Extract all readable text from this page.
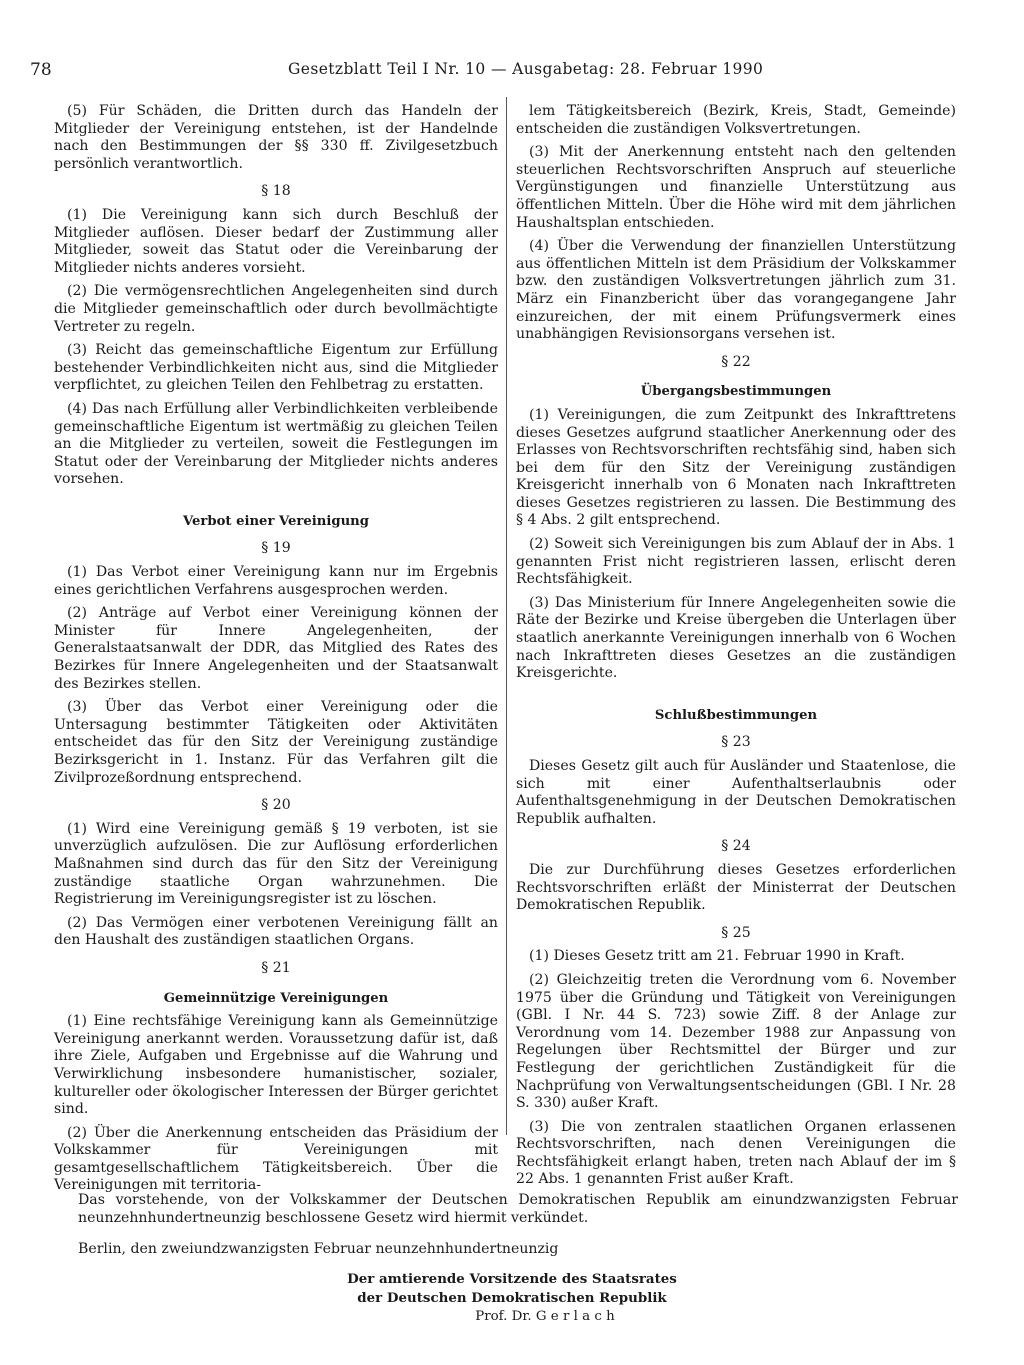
78	Gesetzblatt Teil I Nr. 10 — Ausgabetag: 28. Februar 1990

(5) Für Schäden, die Dritten durch das Handeln der Mitglieder der Vereinigung entstehen, ist der Handelnde nach den Bestimmungen der §§ 330 ff. Zivilgesetzbuch persönlich verantwortlich.

§ 18

(1) Die Vereinigung kann sich durch Beschluß der Mitglieder auflösen. Dieser bedarf der Zustimmung aller Mitglieder, soweit das Statut oder die Vereinbarung der Mitglieder nichts anderes vorsieht.

(2) Die vermögensrechtlichen Angelegenheiten sind durch die Mitglieder gemeinschaftlich oder durch bevollmächtigte Vertreter zu regeln.

(3) Reicht das gemeinschaftliche Eigentum zur Erfüllung bestehender Verbindlichkeiten nicht aus, sind die Mitglieder verpflichtet, zu gleichen Teilen den Fehlbetrag zu erstatten.

(4) Das nach Erfüllung aller Verbindlichkeiten verbleibende gemeinschaftliche Eigentum ist wertmäßig zu gleichen Teilen an die Mitglieder zu verteilen, soweit die Festlegungen im Statut oder der Vereinbarung der Mitglieder nichts anderes vorsehen.

Verbot einer Vereinigung

§ 19

(1) Das Verbot einer Vereinigung kann nur im Ergebnis eines gerichtlichen Verfahrens ausgesprochen werden.

(2) Anträge auf Verbot einer Vereinigung können der Minister für Innere Angelegenheiten, der Generalstaatsanwalt der DDR, das Mitglied des Rates des Bezirkes für Innere Angelegenheiten und der Staatsanwalt des Bezirkes stellen.

(3) Über das Verbot einer Vereinigung oder die Untersagung bestimmter Tätigkeiten oder Aktivitäten entscheidet das für den Sitz der Vereinigung zuständige Bezirksgericht in 1. Instanz. Für das Verfahren gilt die Zivilprozeßordnung entsprechend.

§ 20

(1) Wird eine Vereinigung gemäß § 19 verboten, ist sie unverzüglich aufzulösen. Die zur Auflösung erforderlichen Maßnahmen sind durch das für den Sitz der Vereinigung zuständige staatliche Organ wahrzunehmen. Die Registrierung im Vereinigungsregister ist zu löschen.

(2) Das Vermögen einer verbotenen Vereinigung fällt an den Haushalt des zuständigen staatlichen Organs.

§ 21

Gemeinnützige Vereinigungen

(1) Eine rechtsfähige Vereinigung kann als Gemeinnützige Vereinigung anerkannt werden. Voraussetzung dafür ist, daß ihre Ziele, Aufgaben und Ergebnisse auf die Wahrung und Verwirklichung insbesondere humanistischer, sozialer, kultureller oder ökologischer Interessen der Bürger gerichtet sind.

(2) Über die Anerkennung entscheiden das Präsidium der Volkskammer für Vereinigungen mit gesamtgesellschaftlichem Tätigkeitsbereich. Über die Vereinigungen mit territoria-

lem Tätigkeitsbereich (Bezirk, Kreis, Stadt, Gemeinde) entscheiden die zuständigen Volksvertretungen.

(3) Mit der Anerkennung entsteht nach den geltenden steuerlichen Rechtsvorschriften Anspruch auf steuerliche Vergünstigungen und finanzielle Unterstützung aus öffentlichen Mitteln. Über die Höhe wird mit dem jährlichen Haushaltsplan entschieden.

(4) Über die Verwendung der finanziellen Unterstützung aus öffentlichen Mitteln ist dem Präsidium der Volkskammer bzw. den zuständigen Volksvertretungen jährlich zum 31. März ein Finanzbericht über das vorangegangene Jahr einzureichen, der mit einem Prüfungsvermerk eines unabhängigen Revisionsorgans versehen ist.

§ 22

Übergangsbestimmungen

(1) Vereinigungen, die zum Zeitpunkt des Inkrafttretens dieses Gesetzes aufgrund staatlicher Anerkennung oder des Erlasses von Rechtsvorschriften rechtsfähig sind, haben sich bei dem für den Sitz der Vereinigung zuständigen Kreisgericht innerhalb von 6 Monaten nach Inkrafttreten dieses Gesetzes registrieren zu lassen. Die Bestimmung des § 4 Abs. 2 gilt entsprechend.

(2) Soweit sich Vereinigungen bis zum Ablauf der in Abs. 1 genannten Frist nicht registrieren lassen, erlischt deren Rechtsfähigkeit.

(3) Das Ministerium für Innere Angelegenheiten sowie die Räte der Bezirke und Kreise übergeben die Unterlagen über staatlich anerkannte Vereinigungen innerhalb von 6 Wochen nach Inkrafttreten dieses Gesetzes an die zuständigen Kreisgerichte.

Schlußbestimmungen

§ 23

Dieses Gesetz gilt auch für Ausländer und Staatenlose, die sich mit einer Aufenthaltserlaubnis oder Aufenthaltsgenehmigung in der Deutschen Demokratischen Republik aufhalten.

§ 24

Die zur Durchführung dieses Gesetzes erforderlichen Rechtsvorschriften erläßt der Ministerrat der Deutschen Demokratischen Republik.

§ 25

(1) Dieses Gesetz tritt am 21. Februar 1990 in Kraft.

(2) Gleichzeitig treten die Verordnung vom 6. November 1975 über die Gründung und Tätigkeit von Vereinigungen (GBl. I Nr. 44 S. 723) sowie Ziff. 8 der Anlage zur Verordnung vom 14. Dezember 1988 zur Anpassung von Regelungen über Rechtsmittel der Bürger und zur Festlegung der gerichtlichen Zuständigkeit für die Nachprüfung von Verwaltungsentscheidungen (GBl. I Nr. 28 S. 330) außer Kraft.

(3) Die von zentralen staatlichen Organen erlassenen Rechtsvorschriften, nach denen Vereinigungen die Rechtsfähigkeit erlangt haben, treten nach Ablauf der im § 22 Abs. 1 genannten Frist außer Kraft.

Das vorstehende, von der Volkskammer der Deutschen Demokratischen Republik am einundzwanzigsten Februar neunzehnhundertneunzig beschlossene Gesetz wird hiermit verkündet.
Berlin, den zweiundzwanzigsten Februar neunzehnhundertneunzig
Der amtierende Vorsitzende des Staatsrates
der Deutschen Demokratischen Republik
Prof. Dr. G e r l a c h
